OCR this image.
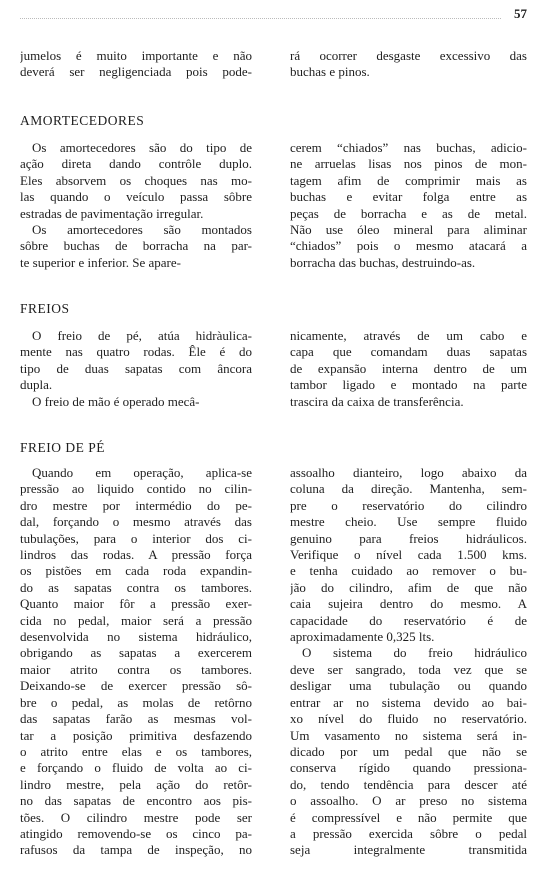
57
jumelos é muito importante e não
deverá ser negligenciada pois pode-
rá ocorrer desgaste excessivo das
buchas e pinos.
AMORTECEDORES
Os amortecedores são do tipo de
ação direta dando contrôle duplo.
Eles absorvem os choques nas mo-
las quando o veículo passa sôbre
estradas de pavimentação irregular.
Os amortecedores são montados
sôbre buchas de borracha na par-
te superior e inferior. Se apare-
cerem “chiados” nas buchas, adicio-
ne arruelas lisas nos pinos de mon-
tagem afim de comprimir mais as
buchas e evitar folga entre as
peças de borracha e as de metal.
Não use óleo mineral para aliminar
“chiados” pois o mesmo atacará a
borracha das buchas, destruindo-as.
FREIOS
O freio de pé, atúa hidràulica-
mente nas quatro rodas. Êle é do
tipo de duas sapatas com âncora
dupla.
O freio de mão é operado mecâ-
nicamente, através de um cabo e
capa que comandam duas sapatas
de expansão interna dentro de um
tambor ligado e montado na parte
trascira da caixa de transferência.
FREIO DE PÉ
Quando em operação, aplica-se
pressão ao liquido contido no cilin-
dro mestre por intermédio do pe-
dal, forçando o mesmo através das
tubulações, para o interior dos ci-
lindros das rodas. A pressão força
os pistões em cada roda expandin-
do as sapatas contra os tambores.
Quanto maior fôr a pressão exer-
cida no pedal, maior será a pressão
desenvolvida no sistema hidráulico,
obrigando as sapatas a exercerem
maior atrito contra os tambores.
Deixando-se de exercer pressão sô-
bre o pedal, as molas de retôrno
das sapatas farão as mesmas vol-
tar a posição primitiva desfazendo
o atrito entre elas e os tambores,
e forçando o fluido de volta ao ci-
lindro mestre, pela ação do retôr-
no das sapatas de encontro aos pis-
tões. O cilindro mestre pode ser
atingido removendo-se os cinco pa-
rafusos da tampa de inspeção, no
assoalho dianteiro, logo abaixo da
coluna da direção. Mantenha, sem-
pre o reservatório do cilindro
mestre cheio. Use sempre fluido
genuino para freios hidráulicos.
Verifique o nível cada 1.500 kms.
e tenha cuidado ao remover o bu-
jão do cilindro, afim de que não
caia sujeira dentro do mesmo. A
capacidade do reservatório é de
aproximadamente 0,325 lts.
O sistema do freio hidráulico
deve ser sangrado, toda vez que se
desligar uma tubulação ou quando
entrar ar no sistema devido ao bai-
xo nível do fluido no reservatório.
Um vasamento no sistema será in-
dicado por um pedal que não se
conserva rígido quando pressiona-
do, tendo tendência para descer até
o assoalho. O ar preso no sistema
é compressível e não permite que
a pressão exercida sôbre o pedal
seja integralmente transmitida
